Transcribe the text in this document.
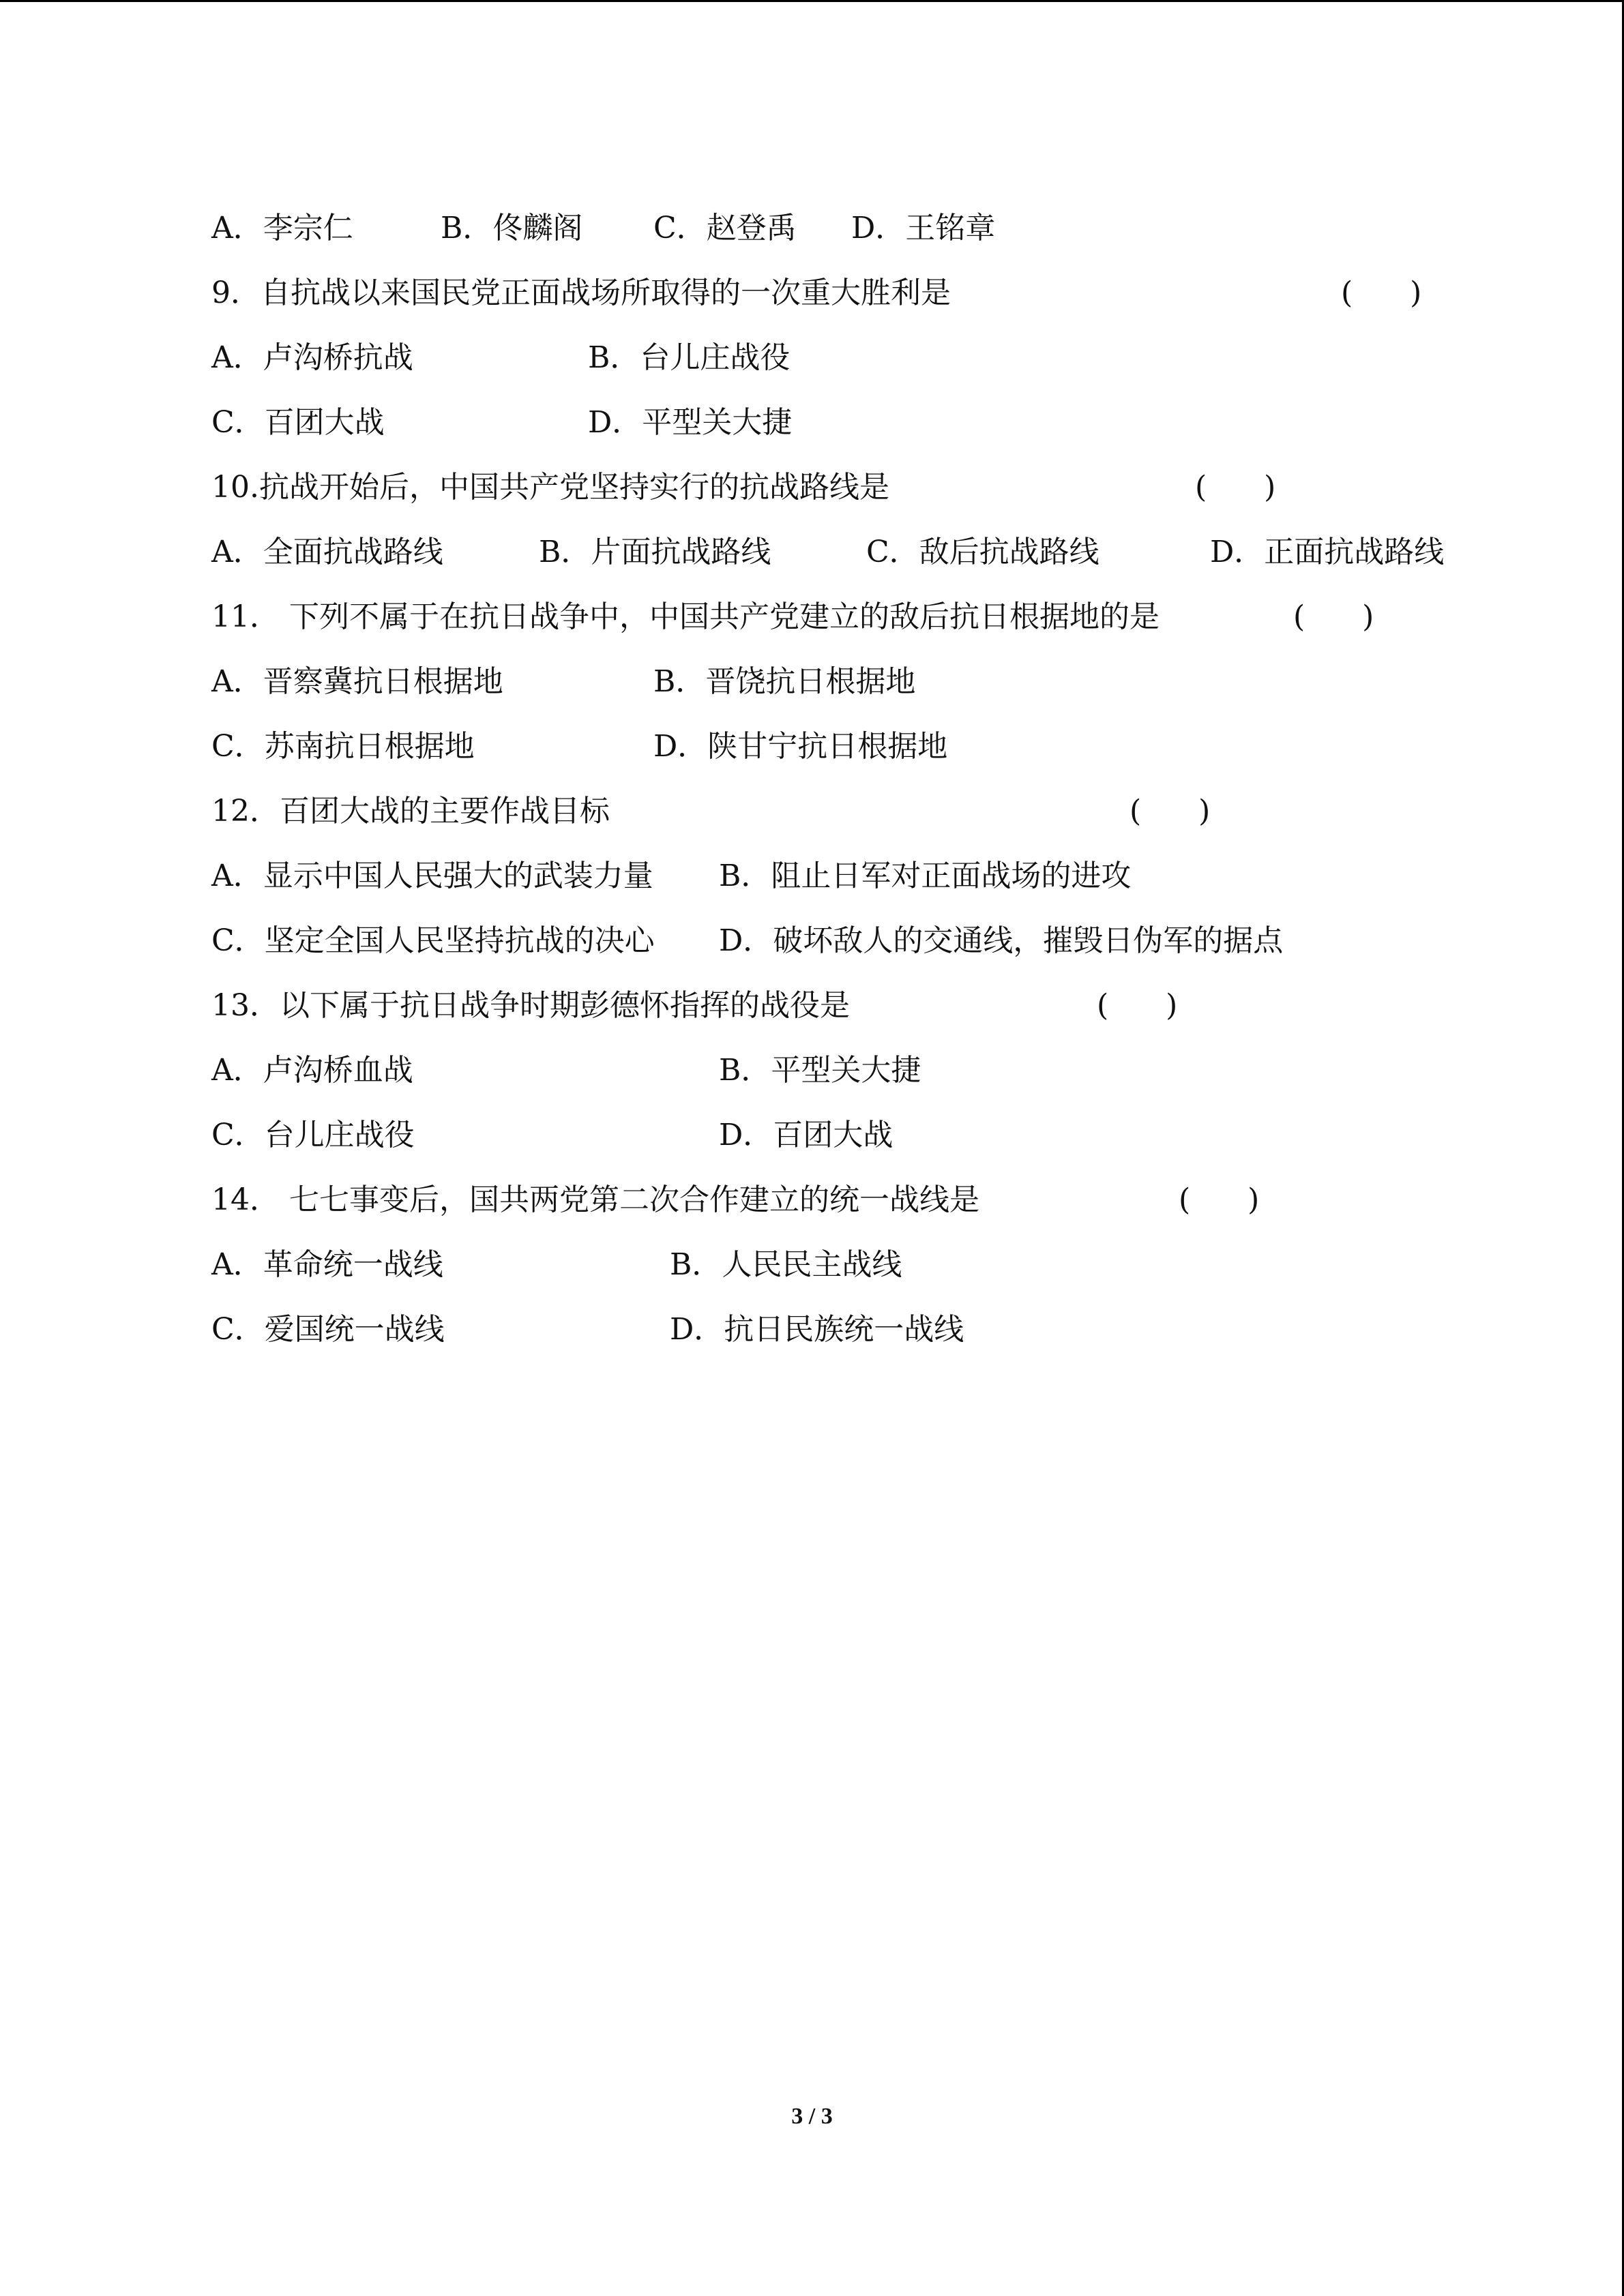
A．李宗仁	B．佟麟阁 C．赵登禹 D．王铭章
9．自抗战以来国民党正面战场所取得的一次重大胜利是	(      )
A．卢沟桥抗战	B．台儿庄战役
C．百团大战	D．平型关大捷
10.抗战开始后，中国共产党坚持实行的抗战路线是	(      )
A．全面抗战路线	B．片面抗战路线	C．敌后抗战路线	D．正面抗战路线
11． 下列不属于在抗日战争中，中国共产党建立的敌后抗日根据地的是	(      )
A．晋察冀抗日根据地	B．晋饶抗日根据地
C．苏南抗日根据地	D．陕甘宁抗日根据地
12．百团大战的主要作战目标	(      )
A．显示中国人民强大的武装力量 B．阻止日军对正面战场的进攻
C．坚定全国人民坚持抗战的决心 D．破坏敌人的交通线，摧毁日伪军的据点
13．以下属于抗日战争时期彭德怀指挥的战役是	(      )
A．卢沟桥血战	B．平型关大捷
C．台儿庄战役	D．百团大战
14． 七七事变后，国共两党第二次合作建立的统一战线是	(      )
A．革命统一战线	B．人民民主战线
C．爱国统一战线	D．抗日民族统一战线
3 / 3
